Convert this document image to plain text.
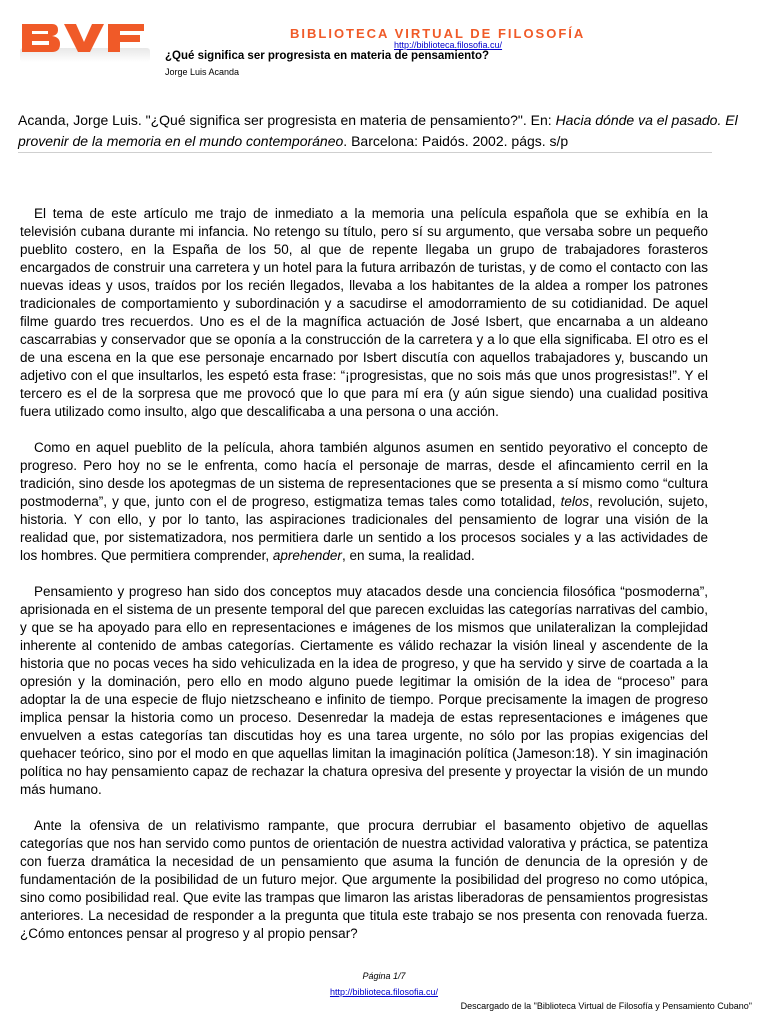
BIBLIOTECA VIRTUAL DE FILOSOFÍA
http://biblioteca.filosofia.cu/
¿Qué significa ser progresista en materia de pensamiento?
Jorge Luis Acanda
Acanda, Jorge Luis. "¿Qué significa ser progresista en materia de pensamiento?". En: Hacia dónde va el pasado. El provenir de la memoria en el mundo contemporáneo. Barcelona: Paidós. 2002. págs. s/p

El tema de este artículo me trajo de inmediato a la memoria una película española que se exhibía en la televisión cubana durante mi infancia. No retengo su título, pero sí su argumento, que versaba sobre un pequeño pueblito costero, en la España de los 50, al que de repente llegaba un grupo de trabajadores forasteros encargados de construir una carretera y un hotel para la futura arribazón de turistas, y de como el contacto con las nuevas ideas y usos, traídos por los recién llegados, llevaba a los habitantes de la aldea a romper los patrones tradicionales de comportamiento y subordinación y a sacudirse el amodorramiento de su cotidianidad. De aquel filme guardo tres recuerdos. Uno es el de la magnífica actuación de José Isbert, que encarnaba a un aldeano cascarrabias y conservador que se oponía a la construcción de la carretera y a lo que ella significaba. El otro es el de una escena en la que ese personaje encarnado por Isbert discutía con aquellos trabajadores y, buscando un adjetivo con el que insultarlos, les espetó esta frase: “¡progresistas, que no sois más que unos progresistas!”. Y el tercero es el de la sorpresa que me provocó que lo que para mí era (y aún sigue siendo) una cualidad positiva fuera utilizado como insulto, algo que descalificaba a una persona o una acción.

Como en aquel pueblito de la película, ahora también algunos asumen en sentido peyorativo el concepto de progreso. Pero hoy no se le enfrenta, como hacía el personaje de marras, desde el afincamiento cerril en la tradición, sino desde los apotegmas de un sistema de representaciones que se presenta a sí mismo como “cultura postmoderna”, y que, junto con el de progreso, estigmatiza temas tales como totalidad, telos, revolución, sujeto, historia. Y con ello, y por lo tanto, las aspiraciones tradicionales del pensamiento de lograr una visión de la realidad que, por sistematizadora, nos permitiera darle un sentido a los procesos sociales y a las actividades de los hombres. Que permitiera comprender, aprehender, en suma, la realidad.

Pensamiento y progreso han sido dos conceptos muy atacados desde una conciencia filosófica “posmoderna”, aprisionada en el sistema de un presente temporal del que parecen excluidas las categorías narrativas del cambio, y que se ha apoyado para ello en representaciones e imágenes de los mismos que unilateralizan la complejidad inherente al contenido de ambas categorías. Ciertamente es válido rechazar la visión lineal y ascendente de la historia que no pocas veces ha sido vehiculizada en la idea de progreso, y que ha servido y sirve de coartada a la opresión y la dominación, pero ello en modo alguno puede legitimar la omisión de la idea de “proceso” para adoptar la de una especie de flujo nietzscheano e infinito de tiempo. Porque precisamente la imagen de progreso implica pensar la historia como un proceso. Desenredar la madeja de estas representaciones e imágenes que envuelven a estas categorías tan discutidas hoy es una tarea urgente, no sólo por las propias exigencias del quehacer teórico, sino por el modo en que aquellas limitan la imaginación política (Jameson:18). Y sin imaginación política no hay pensamiento capaz de rechazar la chatura opresiva del presente y proyectar la visión de un mundo más humano.

Ante la ofensiva de un relativismo rampante, que procura derrubiar el basamento objetivo de aquellas categorías que nos han servido como puntos de orientación de nuestra actividad valorativa y práctica, se patentiza con fuerza dramática la necesidad de un pensamiento que asuma la función de denuncia de la opresión y de fundamentación de la posibilidad de un futuro mejor. Que argumente la posibilidad del progreso no como utópica, sino como posibilidad real. Que evite las trampas que limaron las aristas liberadoras de pensamientos progresistas anteriores. La necesidad de responder a la pregunta que titula este trabajo se nos presenta con renovada fuerza. ¿Cómo entonces pensar al progreso y al propio pensar?

Página 1/7
http://biblioteca.filosofia.cu/
Descargado de la "Biblioteca Virtual de Filosofía y Pensamiento Cubano"
